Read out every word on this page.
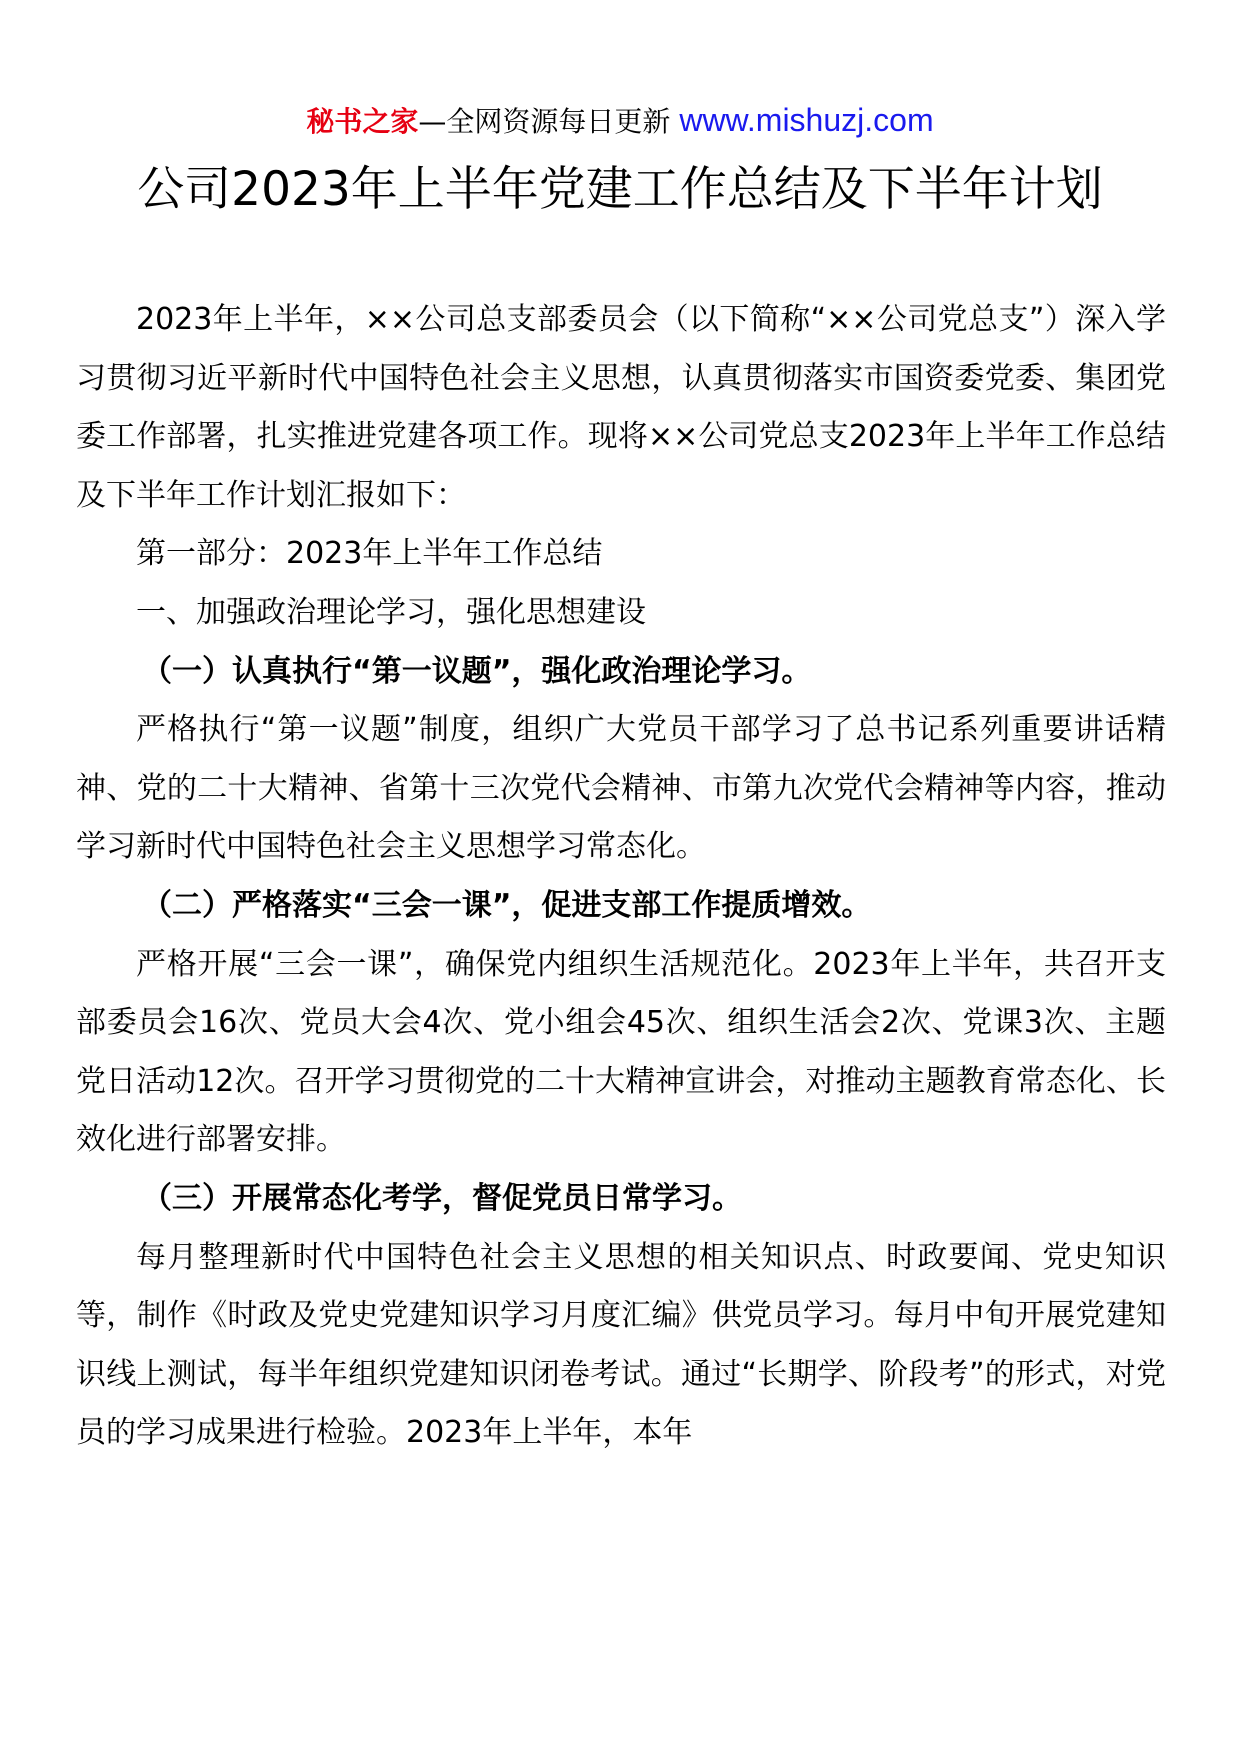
秘书之家—全网资源每日更新 www.mishuzj.com
公司2023年上半年党建工作总结及下半年计划

2023年上半年，××公司总支部委员会（以下简称“××公司党总支”）深入学习贯彻习近平新时代中国特色社会主义思想，认真贯彻落实市国资委党委、集团党委工作部署，扎实推进党建各项工作。现将××公司党总支2023年上半年工作总结及下半年工作计划汇报如下：

第一部分：2023年上半年工作总结

一、加强政治理论学习，强化思想建设

（一）认真执行“第一议题”，强化政治理论学习。

严格执行“第一议题”制度，组织广大党员干部学习了总书记系列重要讲话精神、党的二十大精神、省第十三次党代会精神、市第九次党代会精神等内容，推动学习新时代中国特色社会主义思想学习常态化。

（二）严格落实“三会一课”，促进支部工作提质增效。

严格开展“三会一课”，确保党内组织生活规范化。2023年上半年，共召开支部委员会16次、党员大会4次、党小组会45次、组织生活会2次、党课3次、主题党日活动12次。召开学习贯彻党的二十大精神宣讲会，对推动主题教育常态化、长效化进行部署安排。

（三）开展常态化考学，督促党员日常学习。

每月整理新时代中国特色社会主义思想的相关知识点、时政要闻、党史知识等，制作《时政及党史党建知识学习月度汇编》供党员学习。每月中旬开展党建知识线上测试，每半年组织党建知识闭卷考试。通过“长期学、阶段考”的形式，对党员的学习成果进行检验。2023年上半年，本年
